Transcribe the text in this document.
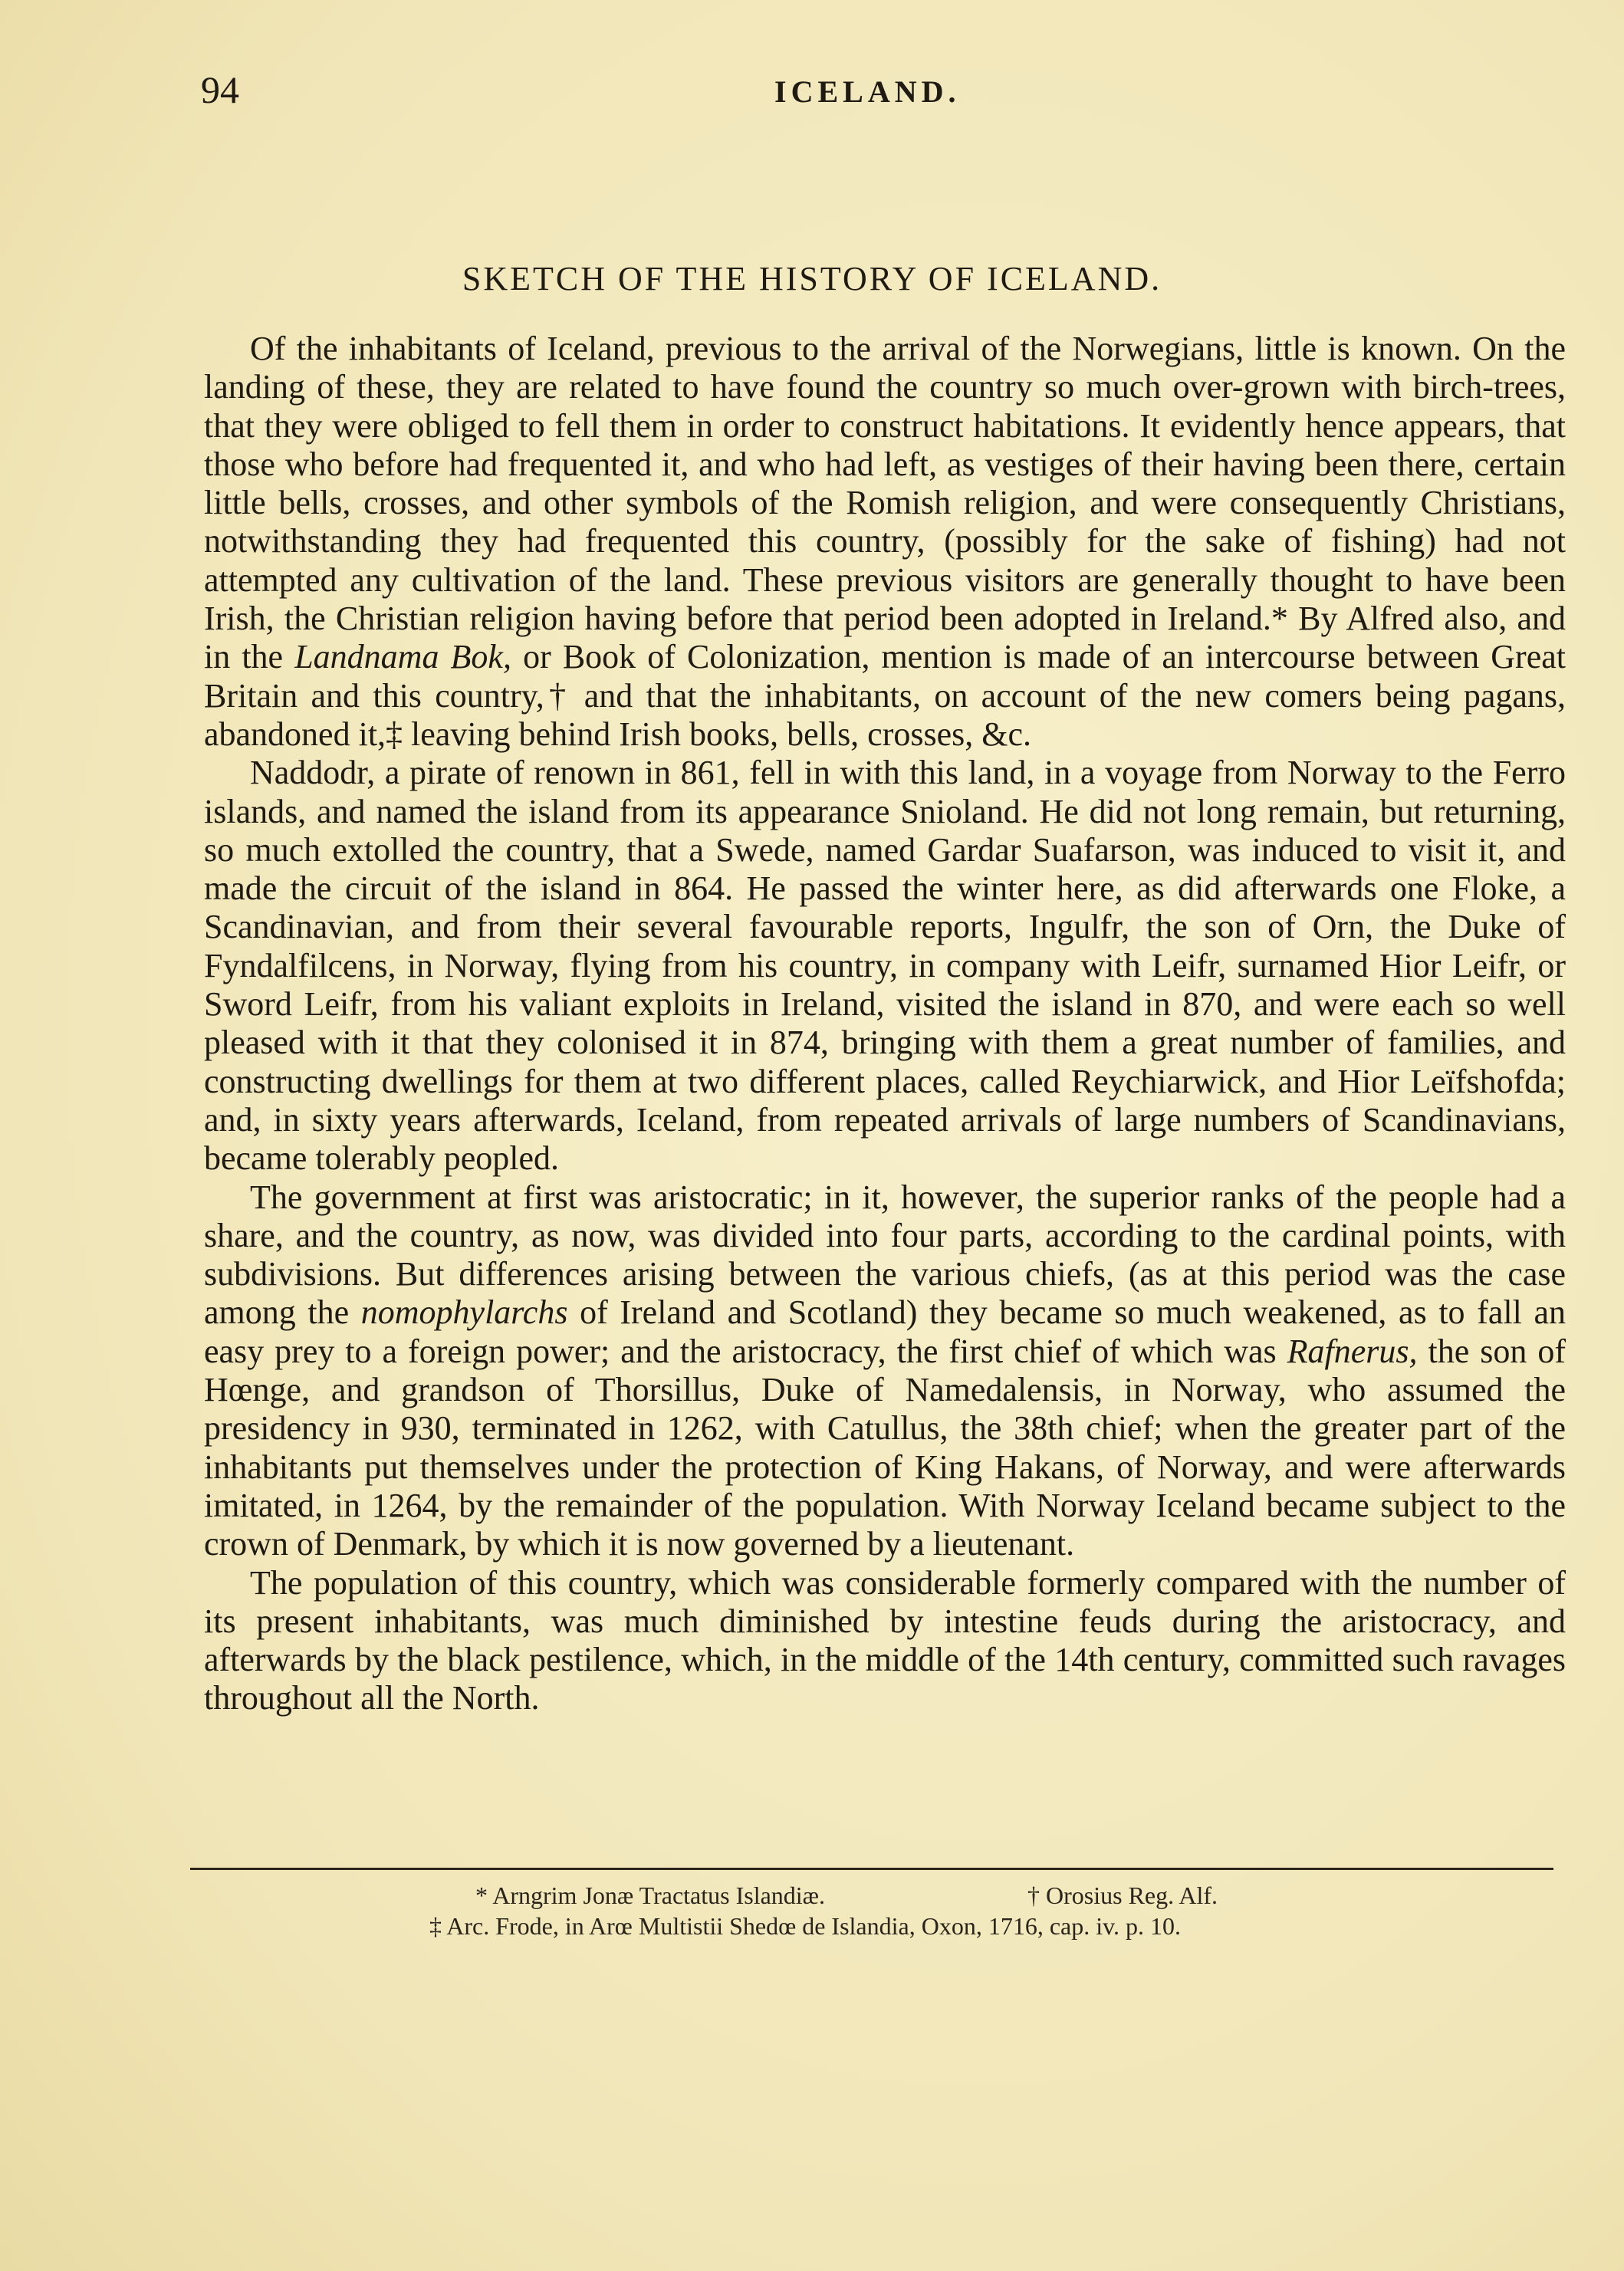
94	ICELAND.
SKETCH OF THE HISTORY OF ICELAND.

Of the inhabitants of Iceland, previous to the arrival of the Norwegians, little is known. On the landing of these, they are related to have found the country so much over-grown with birch-trees, that they were obliged to fell them in order to construct habitations. It evidently hence appears, that those who before had frequented it, and who had left, as vestiges of their having been there, certain little bells, crosses, and other symbols of the Romish religion, and were consequently Christians, notwithstanding they had frequented this country, (possibly for the sake of fishing) had not attempted any cultivation of the land. These previous visitors are generally thought to have been Irish, the Christian religion having before that period been adopted in Ireland.* By Alfred also, and in the Landnama Bok, or Book of Colonization, mention is made of an intercourse between Great Britain and this country,† and that the inhabitants, on account of the new comers being pagans, abandoned it,‡ leaving behind Irish books, bells, crosses, &c.

Naddodr, a pirate of renown in 861, fell in with this land, in a voyage from Norway to the Ferro islands, and named the island from its appearance Snioland. He did not long remain, but returning, so much extolled the country, that a Swede, named Gardar Suafarson, was induced to visit it, and made the circuit of the island in 864. He passed the winter here, as did afterwards one Floke, a Scandinavian, and from their several favourable reports, Ingulfr, the son of Orn, the Duke of Fyndalfilcens, in Norway, flying from his country, in company with Leifr, surnamed Hior Leifr, or Sword Leifr, from his valiant exploits in Ireland, visited the island in 870, and were each so well pleased with it that they colonised it in 874, bringing with them a great number of families, and constructing dwellings for them at two different places, called Reychiarwick, and Hior Leïfshofda; and, in sixty years afterwards, Iceland, from repeated arrivals of large numbers of Scandinavians, became tolerably peopled.

The government at first was aristocratic; in it, however, the superior ranks of the people had a share, and the country, as now, was divided into four parts, according to the cardinal points, with subdivisions. But differences arising between the various chiefs, (as at this period was the case among the nomophylarchs of Ireland and Scotland) they became so much weakened, as to fall an easy prey to a foreign power; and the aristocracy, the first chief of which was Rafnerus, the son of Hœnge, and grandson of Thorsillus, Duke of Namedalensis, in Norway, who assumed the presidency in 930, terminated in 1262, with Catullus, the 38th chief; when the greater part of the inhabitants put themselves under the protection of King Hakans, of Norway, and were afterwards imitated, in 1264, by the remainder of the population. With Norway Iceland became subject to the crown of Denmark, by which it is now governed by a lieutenant.

The population of this country, which was considerable formerly compared with the number of its present inhabitants, was much diminished by intestine feuds during the aristocracy, and afterwards by the black pestilence, which, in the middle of the 14th century, committed such ravages throughout all the North.

* Arngrim Jonæ Tractatus Islandiæ.	† Orosius Reg. Alf.
‡ Arc. Frode, in Arœ Multistii Shedœ de Islandia, Oxon, 1716, cap. iv. p. 10.
